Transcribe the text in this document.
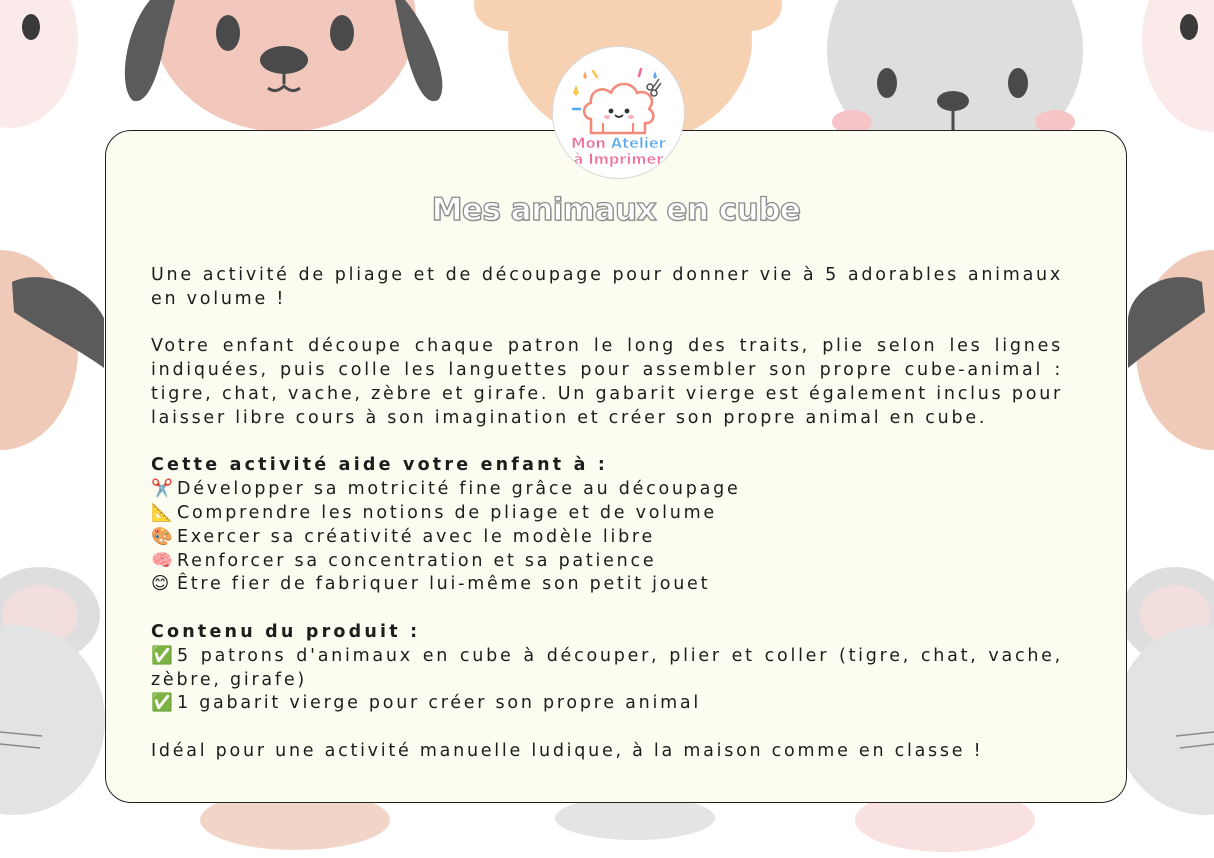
Mon Atelier
à Imprimer
Mes animaux en cube

Une activité de pliage et de découpage pour donner vie à 5 adorables animaux en volume !

Votre enfant découpe chaque patron le long des traits, plie selon les lignes indiquées, puis colle les languettes pour assembler son propre cube-animal : tigre, chat, vache, zèbre et girafe. Un gabarit vierge est également inclus pour laisser libre cours à son imagination et créer son propre animal en cube.

Cette activité aide votre enfant à :

✂️ Développer sa motricité fine grâce au découpage
📐 Comprendre les notions de pliage et de volume
🎨 Exercer sa créativité avec le modèle libre
🧠 Renforcer sa concentration et sa patience
😊 Être fier de fabriquer lui-même son petit jouet

Contenu du produit :

✅ 5 patrons d'animaux en cube à découper, plier et coller (tigre, chat, vache, zèbre, girafe)
✅ 1 gabarit vierge pour créer son propre animal

Idéal pour une activité manuelle ludique, à la maison comme en classe !
